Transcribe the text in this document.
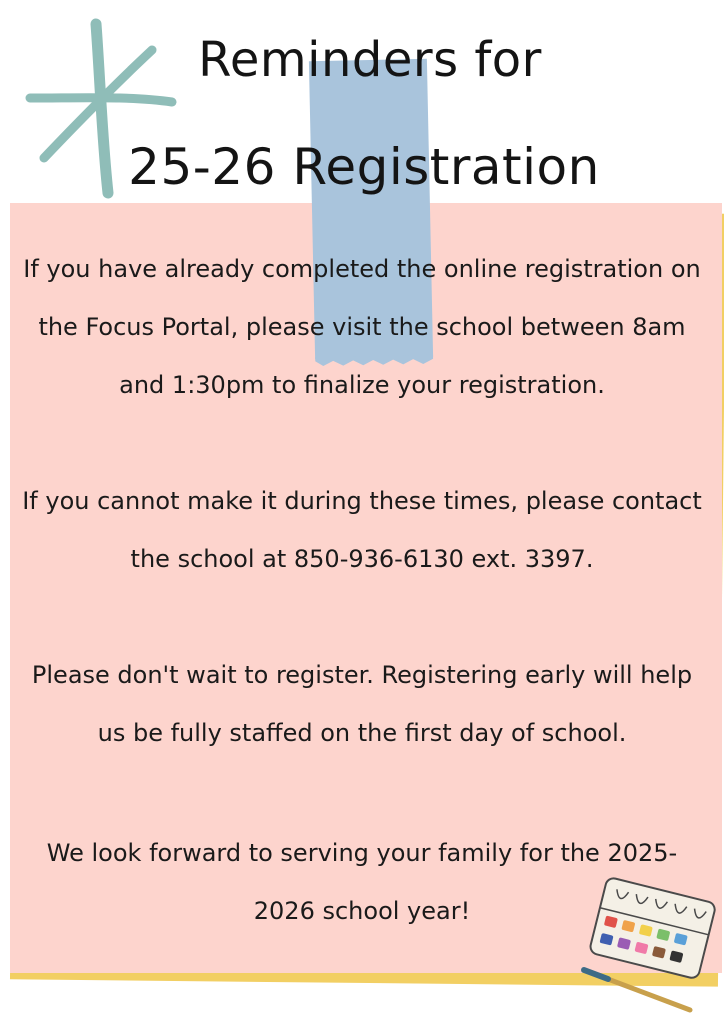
Reminders for
25-26 Registration

If you have already completed the online registration on the Focus Portal, please visit the school between 8am and 1:30pm to finalize your registration.

If you cannot make it during these times, please contact the school at 850-936-6130 ext. 3397.

Please don't wait to register. Registering early will help us be fully staffed on the first day of school.

We look forward to serving your family for the 2025-2026 school year!
